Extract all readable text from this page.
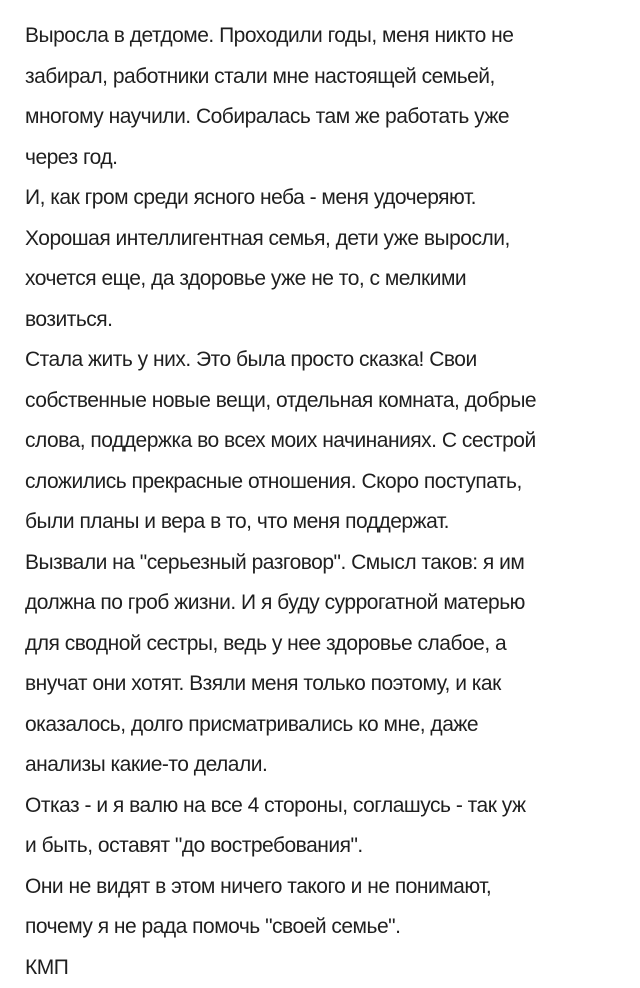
Выросла в детдоме. Проходили годы, меня никто не
забирал, работники стали мне настоящей семьей,
многому научили. Собиралась там же работать уже
через год.
И, как гром среди ясного неба - меня удочеряют.
Хорошая интеллигентная семья, дети уже выросли,
хочется еще, да здоровье уже не то, с мелкими
возиться.
Стала жить у них. Это была просто сказка! Свои
собственные новые вещи, отдельная комната, добрые
слова, поддержка во всех моих начинаниях. С сестрой
сложились прекрасные отношения. Скоро поступать,
были планы и вера в то, что меня поддержат.
Вызвали на "серьезный разговор". Смысл таков: я им
должна по гроб жизни. И я буду суррогатной матерью
для сводной сестры, ведь у нее здоровье слабое, а
внучат они хотят. Взяли меня только поэтому, и как
оказалось, долго присматривались ко мне, даже
анализы какие-то делали.
Отказ - и я валю на все 4 стороны, соглашусь - так уж
и быть, оставят "до востребования".
Они не видят в этом ничего такого и не понимают,
почему я не рада помочь "своей семье".
КМП
